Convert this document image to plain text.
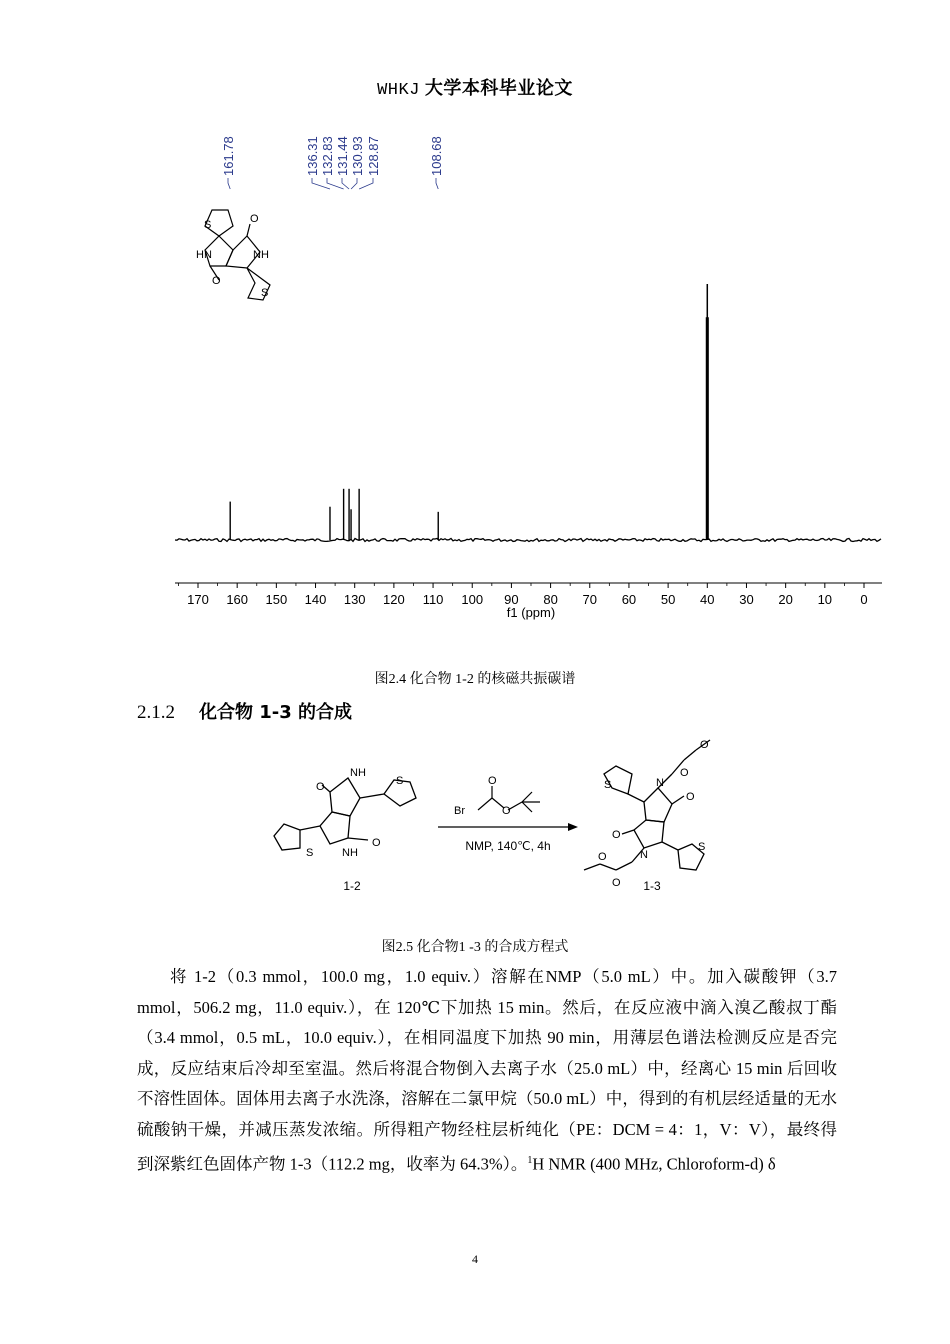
WHKJ 大学本科毕业论文
S	O
NH
HN
O
S
161.78	136.31 132.83 131.44 130.93 128.87	108.68
170 160 150 140 130 120 110 100 90 80 70 60 50 40 30 20 10 0
f1 (ppm)
图2.4 化合物 1-2 的核磁共振碳谱
2.1.2 化合物 1-3 的合成
O
NH
S
S	NH
O
1-2
Br
O
O
NMP, 140℃, 4h
O
O
S	N
O
O
N
S
O
O 1-3
图2.5 化合物1 -3 的合成方程式

将 1-2（0.3 mmol，100.0 mg，1.0 equiv.）溶解在NMP（5.0 mL）中。加入碳酸钾（3.7 mmol，506.2 mg，11.0 equiv.），在 120℃下加热 15 min。然后，在反应液中滴入溴乙酸叔丁酯（3.4 mmol，0.5 mL，10.0 equiv.），在相同温度下加热 90 min，用薄层色谱法检测反应是否完成，反应结束后冷却至室温。然后将混合物倒入去离子水（25.0 mL）中，经离心 15 min 后回收不溶性固体。固体用去离子水洗涤，溶解在二氯甲烷（50.0 mL）中，得到的有机层经适量的无水硫酸钠干燥，并减压蒸发浓缩。所得粗产物经柱层析纯化（PE：DCM = 4：1，V：V），最终得到深紫红色固体产物 1-3（112.2 mg，收率为 64.3%）。$^1$H NMR (400 MHz, Chloroform-d) δ

4
